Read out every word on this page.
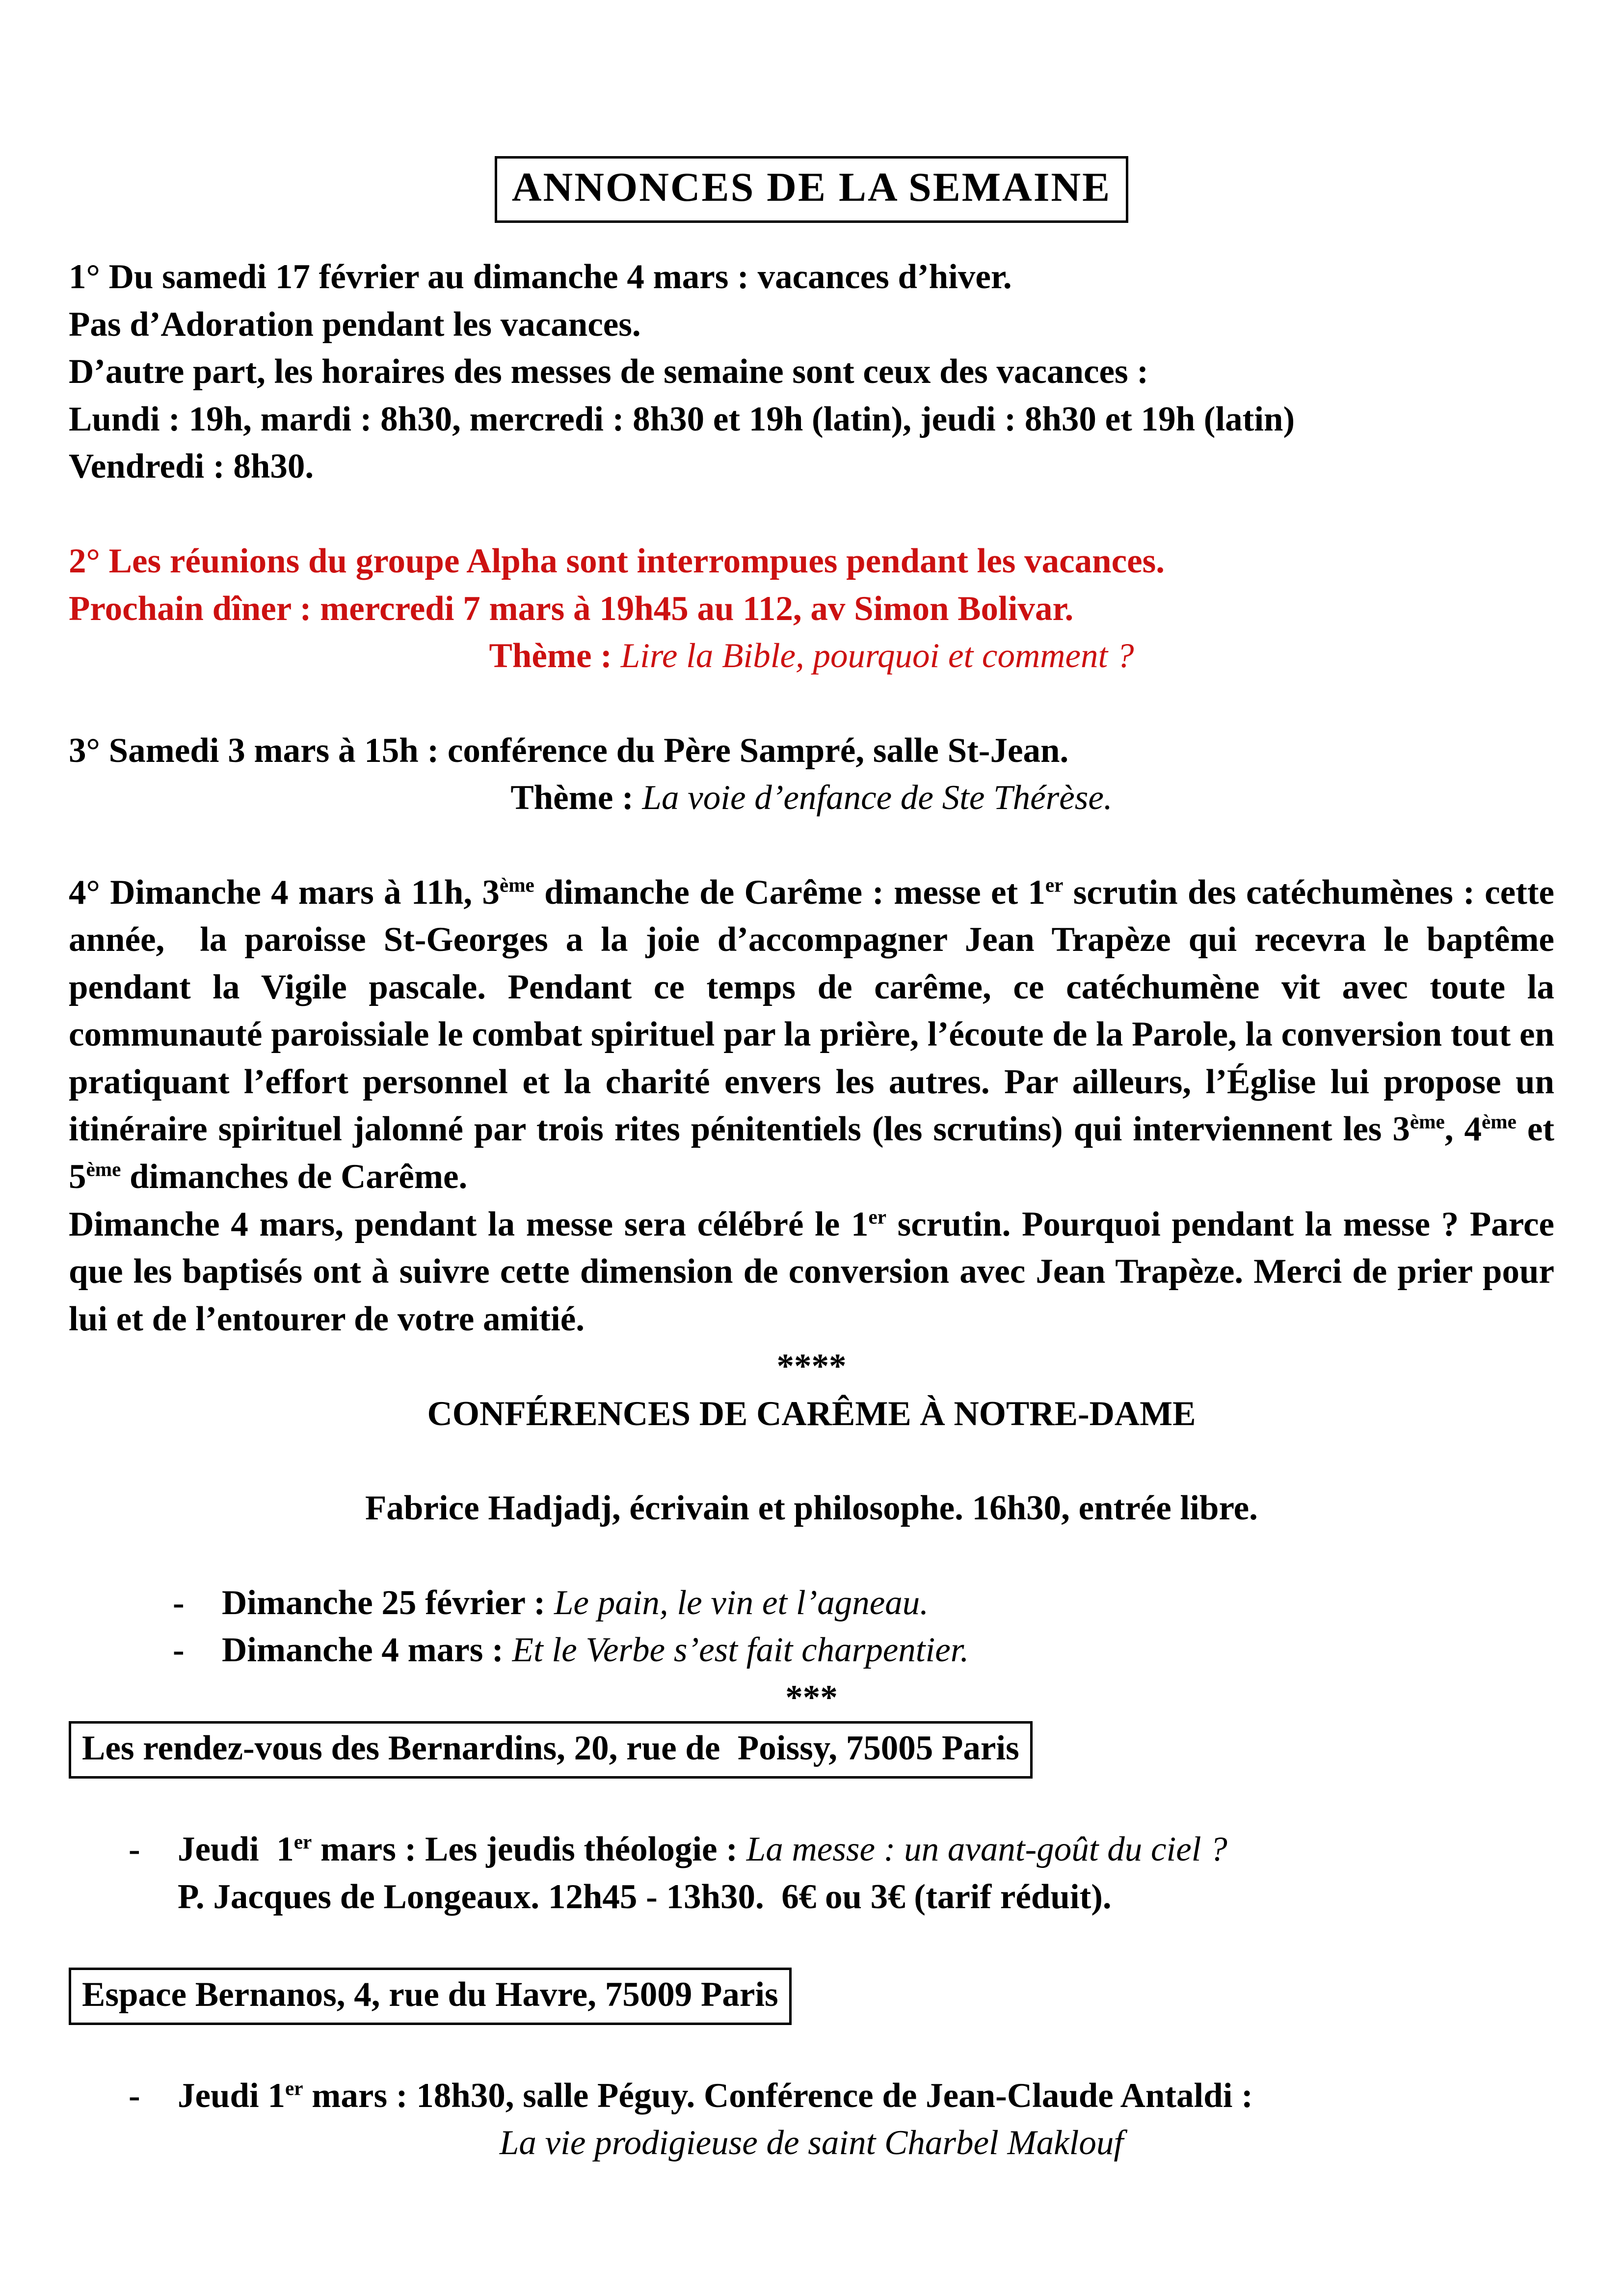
ANNONCES DE LA SEMAINE
1° Du samedi 17 février au dimanche 4 mars : vacances d’hiver.
Pas d’Adoration pendant les vacances.
D’autre part, les horaires des messes de semaine sont ceux des vacances :
Lundi : 19h, mardi : 8h30, mercredi : 8h30 et 19h (latin), jeudi : 8h30 et 19h (latin)
Vendredi : 8h30.
2° Les réunions du groupe Alpha sont interrompues pendant les vacances.
Prochain dîner : mercredi 7 mars à 19h45 au 112, av Simon Bolivar.
Thème : Lire la Bible, pourquoi et comment ?
3° Samedi 3 mars à 15h : conférence du Père Sampré, salle St-Jean.
Thème : La voie d’enfance de Ste Thérèse.

4° Dimanche 4 mars à 11h, 3ème dimanche de Carême : messe et 1er scrutin des catéchumènes : cette année,  la paroisse St-Georges a la joie d’accompagner Jean Trapèze qui recevra le baptême pendant la Vigile pascale. Pendant ce temps de carême, ce catéchumène vit avec toute la communauté paroissiale le combat spirituel par la prière, l’écoute de la Parole, la conversion tout en pratiquant l’effort personnel et la charité envers les autres. Par ailleurs, l’Église lui propose un itinéraire spirituel jalonné par trois rites pénitentiels (les scrutins) qui interviennent les 3ème, 4ème et 5ème dimanches de Carême.

Dimanche 4 mars, pendant la messe sera célébré le 1er scrutin. Pourquoi pendant la messe ? Parce que les baptisés ont à suivre cette dimension de conversion avec Jean Trapèze. Merci de prier pour lui et de l’entourer de votre amitié.

****
CONFÉRENCES DE CARÊME À NOTRE-DAME
Fabrice Hadjadj, écrivain et philosophe. 16h30, entrée libre.
-	Dimanche 25 février : Le pain, le vin et l’agneau.
-	Dimanche 4 mars : Et le Verbe s’est fait charpentier.
***
Les rendez-vous des Bernardins, 20, rue de  Poissy, 75005 Paris
-	Jeudi  1er mars : Les jeudis théologie : La messe : un avant-goût du ciel ?
P. Jacques de Longeaux. 12h45 - 13h30.  6€ ou 3€ (tarif réduit).
Espace Bernanos, 4, rue du Havre, 75009 Paris
-	Jeudi 1er mars : 18h30, salle Péguy. Conférence de Jean-Claude Antaldi :
La vie prodigieuse de saint Charbel Maklouf
